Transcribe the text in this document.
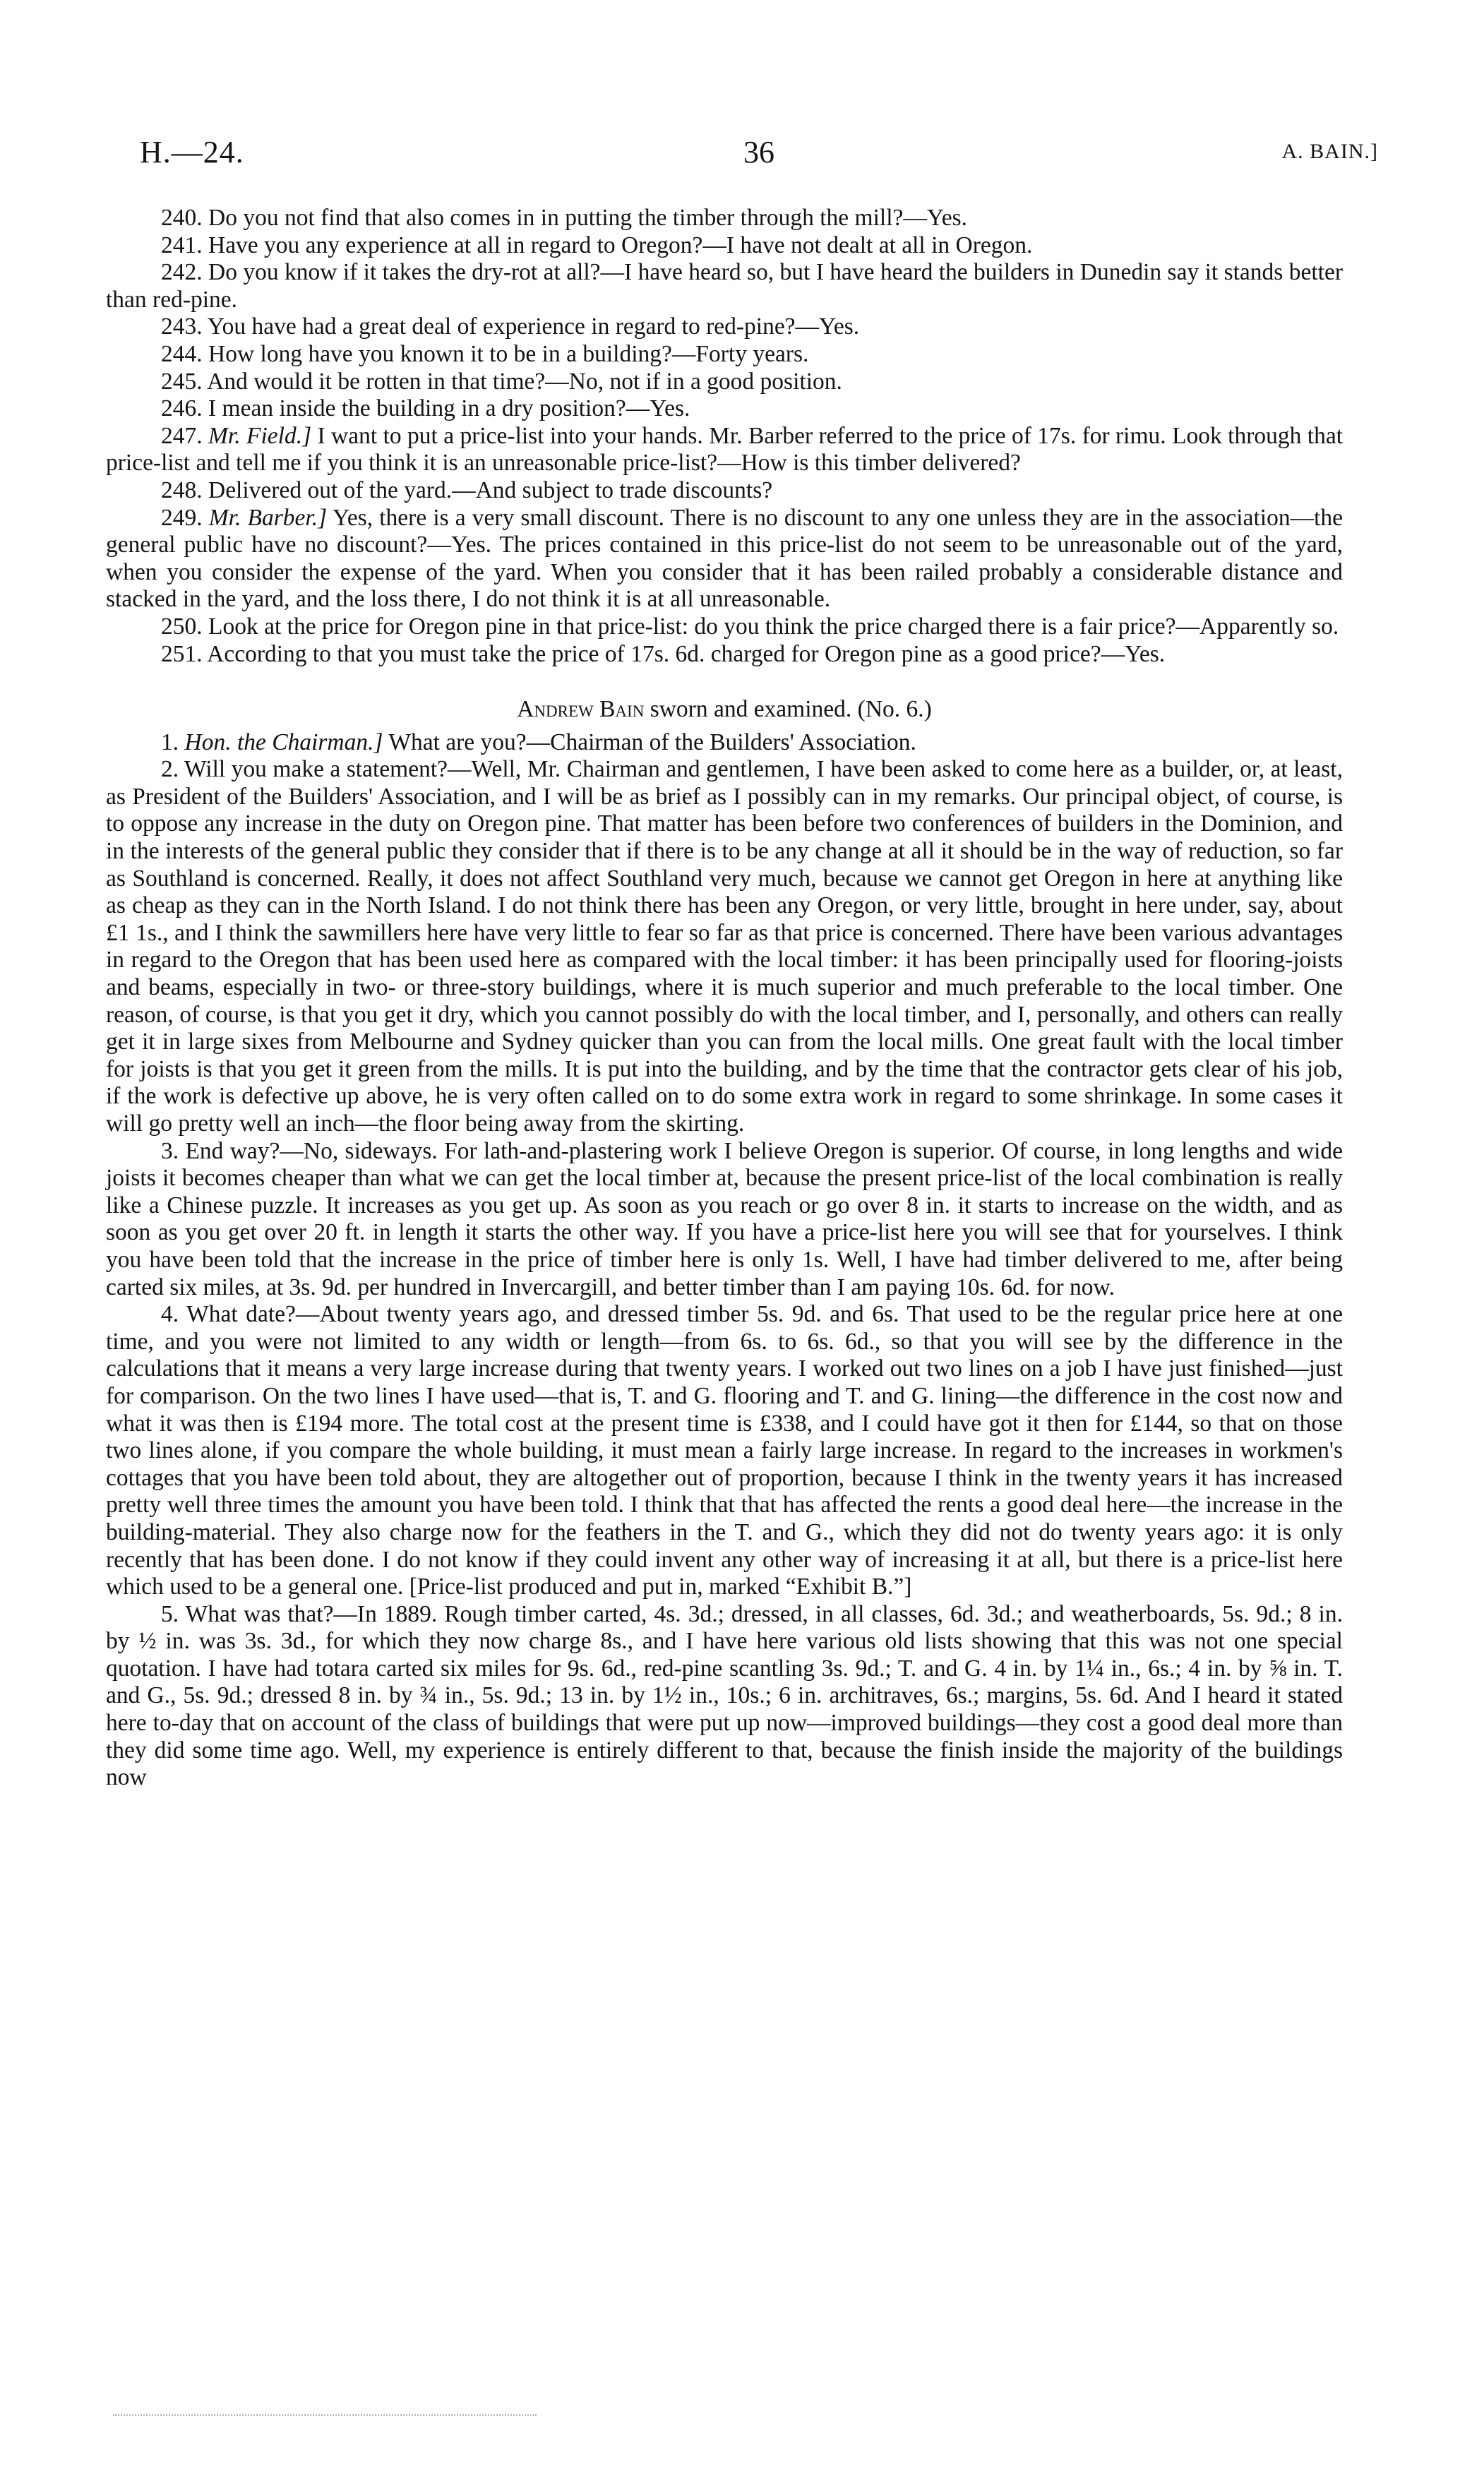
H.—24.	36	A. BAIN.]

240. Do you not find that also comes in in putting the timber through the mill?—Yes.

241. Have you any experience at all in regard to Oregon?—I have not dealt at all in Oregon.

242. Do you know if it takes the dry-rot at all?—I have heard so, but I have heard the builders in Dunedin say it stands better than red-pine.

243. You have had a great deal of experience in regard to red-pine?—Yes.

244. How long have you known it to be in a building?—Forty years.

245. And would it be rotten in that time?—No, not if in a good position.

246. I mean inside the building in a dry position?—Yes.

247. Mr. Field.] I want to put a price-list into your hands. Mr. Barber referred to the price of 17s. for rimu. Look through that price-list and tell me if you think it is an unreasonable price-list?—How is this timber delivered?

248. Delivered out of the yard.—And subject to trade discounts?

249. Mr. Barber.] Yes, there is a very small discount. There is no discount to any one unless they are in the association—the general public have no discount?—Yes. The prices contained in this price-list do not seem to be unreasonable out of the yard, when you consider the expense of the yard. When you consider that it has been railed probably a considerable distance and stacked in the yard, and the loss there, I do not think it is at all unreasonable.

250. Look at the price for Oregon pine in that price-list: do you think the price charged there is a fair price?—Apparently so.

251. According to that you must take the price of 17s. 6d. charged for Oregon pine as a good price?—Yes.

Andrew Bain sworn and examined. (No. 6.)

1. Hon. the Chairman.] What are you?—Chairman of the Builders' Association.

2. Will you make a statement?—Well, Mr. Chairman and gentlemen, I have been asked to come here as a builder, or, at least, as President of the Builders' Association, and I will be as brief as I possibly can in my remarks. Our principal object, of course, is to oppose any increase in the duty on Oregon pine. That matter has been before two conferences of builders in the Dominion, and in the interests of the general public they consider that if there is to be any change at all it should be in the way of reduction, so far as Southland is concerned. Really, it does not affect Southland very much, because we cannot get Oregon in here at anything like as cheap as they can in the North Island. I do not think there has been any Oregon, or very little, brought in here under, say, about £1 1s., and I think the sawmillers here have very little to fear so far as that price is concerned. There have been various advantages in regard to the Oregon that has been used here as compared with the local timber: it has been principally used for flooring-joists and beams, especially in two- or three-story buildings, where it is much superior and much preferable to the local timber. One reason, of course, is that you get it dry, which you cannot possibly do with the local timber, and I, personally, and others can really get it in large sixes from Melbourne and Sydney quicker than you can from the local mills. One great fault with the local timber for joists is that you get it green from the mills. It is put into the building, and by the time that the contractor gets clear of his job, if the work is defective up above, he is very often called on to do some extra work in regard to some shrinkage. In some cases it will go pretty well an inch—the floor being away from the skirting.

3. End way?—No, sideways. For lath-and-plastering work I believe Oregon is superior. Of course, in long lengths and wide joists it becomes cheaper than what we can get the local timber at, because the present price-list of the local combination is really like a Chinese puzzle. It increases as you get up. As soon as you reach or go over 8 in. it starts to increase on the width, and as soon as you get over 20 ft. in length it starts the other way. If you have a price-list here you will see that for yourselves. I think you have been told that the increase in the price of timber here is only 1s. Well, I have had timber delivered to me, after being carted six miles, at 3s. 9d. per hundred in Invercargill, and better timber than I am paying 10s. 6d. for now.

4. What date?—About twenty years ago, and dressed timber 5s. 9d. and 6s. That used to be the regular price here at one time, and you were not limited to any width or length—from 6s. to 6s. 6d., so that you will see by the difference in the calculations that it means a very large increase during that twenty years. I worked out two lines on a job I have just finished—just for comparison. On the two lines I have used—that is, T. and G. flooring and T. and G. lining—the difference in the cost now and what it was then is £194 more. The total cost at the present time is £338, and I could have got it then for £144, so that on those two lines alone, if you compare the whole building, it must mean a fairly large increase. In regard to the increases in workmen's cottages that you have been told about, they are altogether out of proportion, because I think in the twenty years it has increased pretty well three times the amount you have been told. I think that that has affected the rents a good deal here—the increase in the building-material. They also charge now for the feathers in the T. and G., which they did not do twenty years ago: it is only recently that has been done. I do not know if they could invent any other way of increasing it at all, but there is a price-list here which used to be a general one. [Price-list produced and put in, marked “Exhibit B.”]

5. What was that?—In 1889. Rough timber carted, 4s. 3d.; dressed, in all classes, 6d. 3d.; and weatherboards, 5s. 9d.; 8 in. by ½ in. was 3s. 3d., for which they now charge 8s., and I have here various old lists showing that this was not one special quotation. I have had totara carted six miles for 9s. 6d., red-pine scantling 3s. 9d.; T. and G. 4 in. by 1¼ in., 6s.; 4 in. by ⅝ in. T. and G., 5s. 9d.; dressed 8 in. by ¾ in., 5s. 9d.; 13 in. by 1½ in., 10s.; 6 in. architraves, 6s.; margins, 5s. 6d. And I heard it stated here to-day that on account of the class of buildings that were put up now—improved buildings—they cost a good deal more than they did some time ago. Well, my experience is entirely different to that, because the finish inside the majority of the buildings now
